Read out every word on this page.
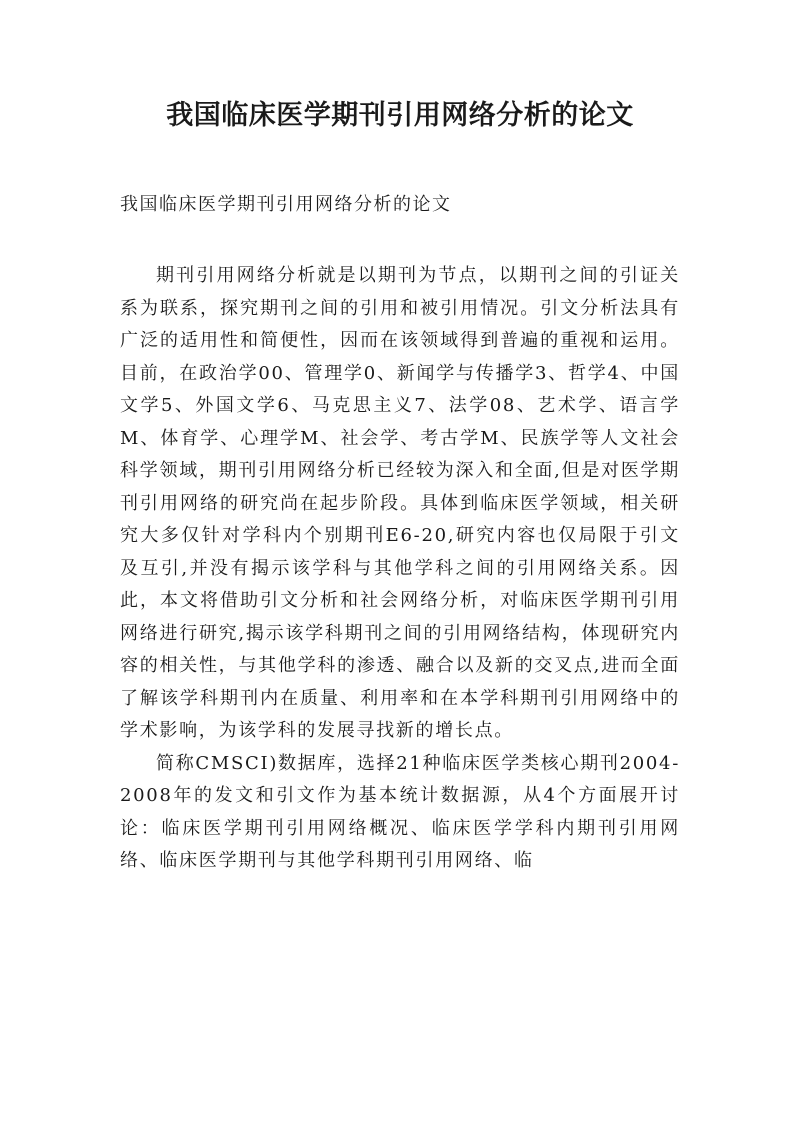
我国临床医学期刊引用网络分析的论文

我国临床医学期刊引用网络分析的论文

期刊引用网络分析就是以期刊为节点，以期刊之间的引证关系为联系，探究期刊之间的引用和被引用情况。引文分析法具有广泛的适用性和简便性，因而在该领域得到普遍的重视和运用。目前，在政治学00、管理学0、新闻学与传播学3、哲学4、中国文学5、外国文学6、马克思主义7、法学08、艺术学、语言学M、体育学、心理学M、社会学、考古学M、民族学等人文社会科学领域，期刊引用网络分析已经较为深入和全面,但是对医学期刊引用网络的研究尚在起步阶段。具体到临床医学领域，相关研究大多仅针对学科内个别期刊E6-20,研究内容也仅局限于引文及互引,并没有揭示该学科与其他学科之间的引用网络关系。因此，本文将借助引文分析和社会网络分析，对临床医学期刊引用网络进行研究,揭示该学科期刊之间的引用网络结构，体现研究内容的相关性，与其他学科的渗透、融合以及新的交叉点,进而全面了解该学科期刊内在质量、利用率和在本学科期刊引用网络中的学术影响，为该学科的发展寻找新的增长点。

简称CMSCI)数据库，选择21种临床医学类核心期刊2004-2008年的发文和引文作为基本统计数据源，从4个方面展开讨论：临床医学期刊引用网络概况、临床医学学科内期刊引用网络、临床医学期刊与其他学科期刊引用网络、临
